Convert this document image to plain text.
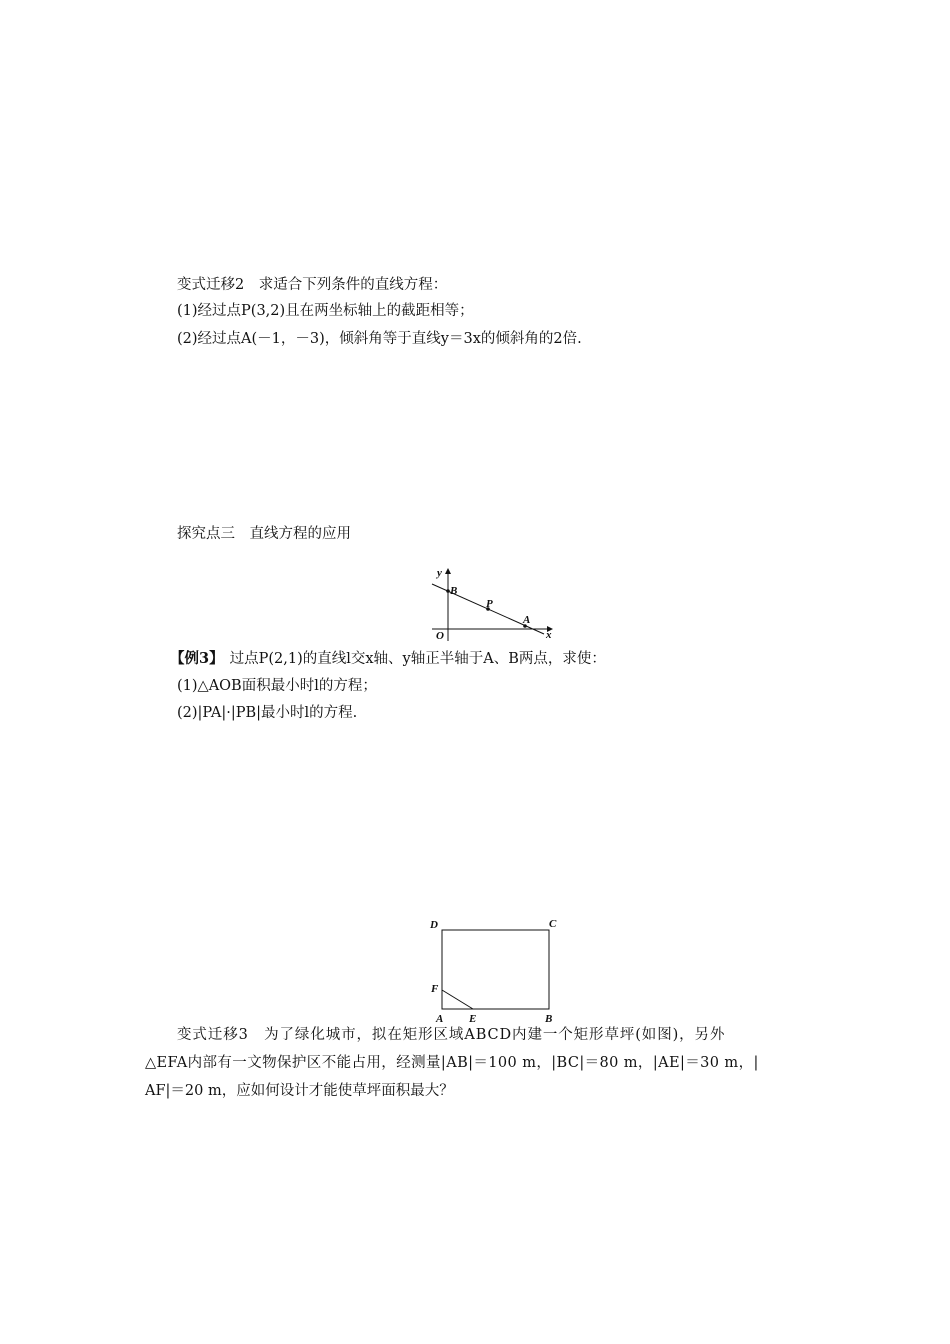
变式迁移2　求适合下列条件的直线方程：
(1)经过点P(3,2)且在两坐标轴上的截距相等；
(2)经过点A(－1，－3)，倾斜角等于直线y＝3x的倾斜角的2倍.
探究点三　直线方程的应用
y
x
O
B
P
A
【例3】 过点P(2,1)的直线l交x轴、y轴正半轴于A、B两点，求使：
(1)△AOB面积最小时l的方程；
(2)|PA|·|PB|最小时l的方程.
D	C
F
A E	B
变式迁移3　为了绿化城市，拟在矩形区域ABCD内建一个矩形草坪(如图)，另外
△EFA内部有一文物保护区不能占用，经测量|AB|＝100 m，|BC|＝80 m，|AE|＝30 m，|
AF|＝20 m，应如何设计才能使草坪面积最大？
